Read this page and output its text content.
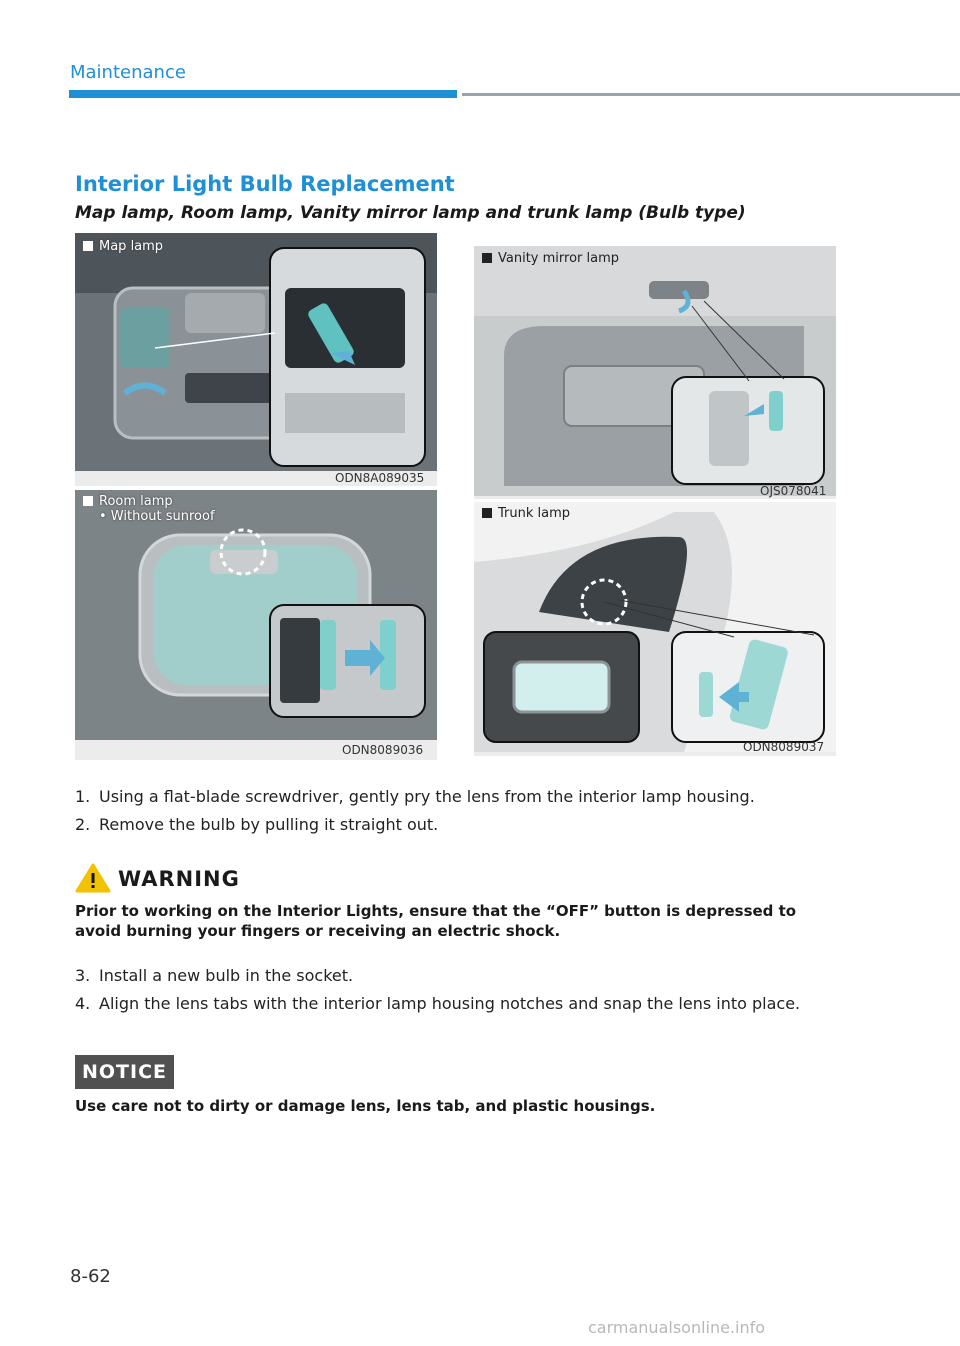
Maintenance
Interior Light Bulb Replacement
Map lamp, Room lamp, Vanity mirror lamp and trunk lamp (Bulb type)
Map lamp
ODN8A089035
Vanity mirror lamp
OJS078041
Room lamp
• Without sunroof
ODN8089036
Trunk lamp
ODN8089037
1. Using a flat-blade screwdriver, gently pry the lens from the interior lamp housing.
2. Remove the bulb by pulling it straight out.
WARNING
Prior to working on the Interior Lights, ensure that the “OFF” button is depressed to avoid burning your fingers or receiving an electric shock.
3. Install a new bulb in the socket.
4. Align the lens tabs with the interior lamp housing notches and snap the lens into place.
NOTICE
Use care not to dirty or damage lens, lens tab, and plastic housings.
8-62
carmanualsonline.info
